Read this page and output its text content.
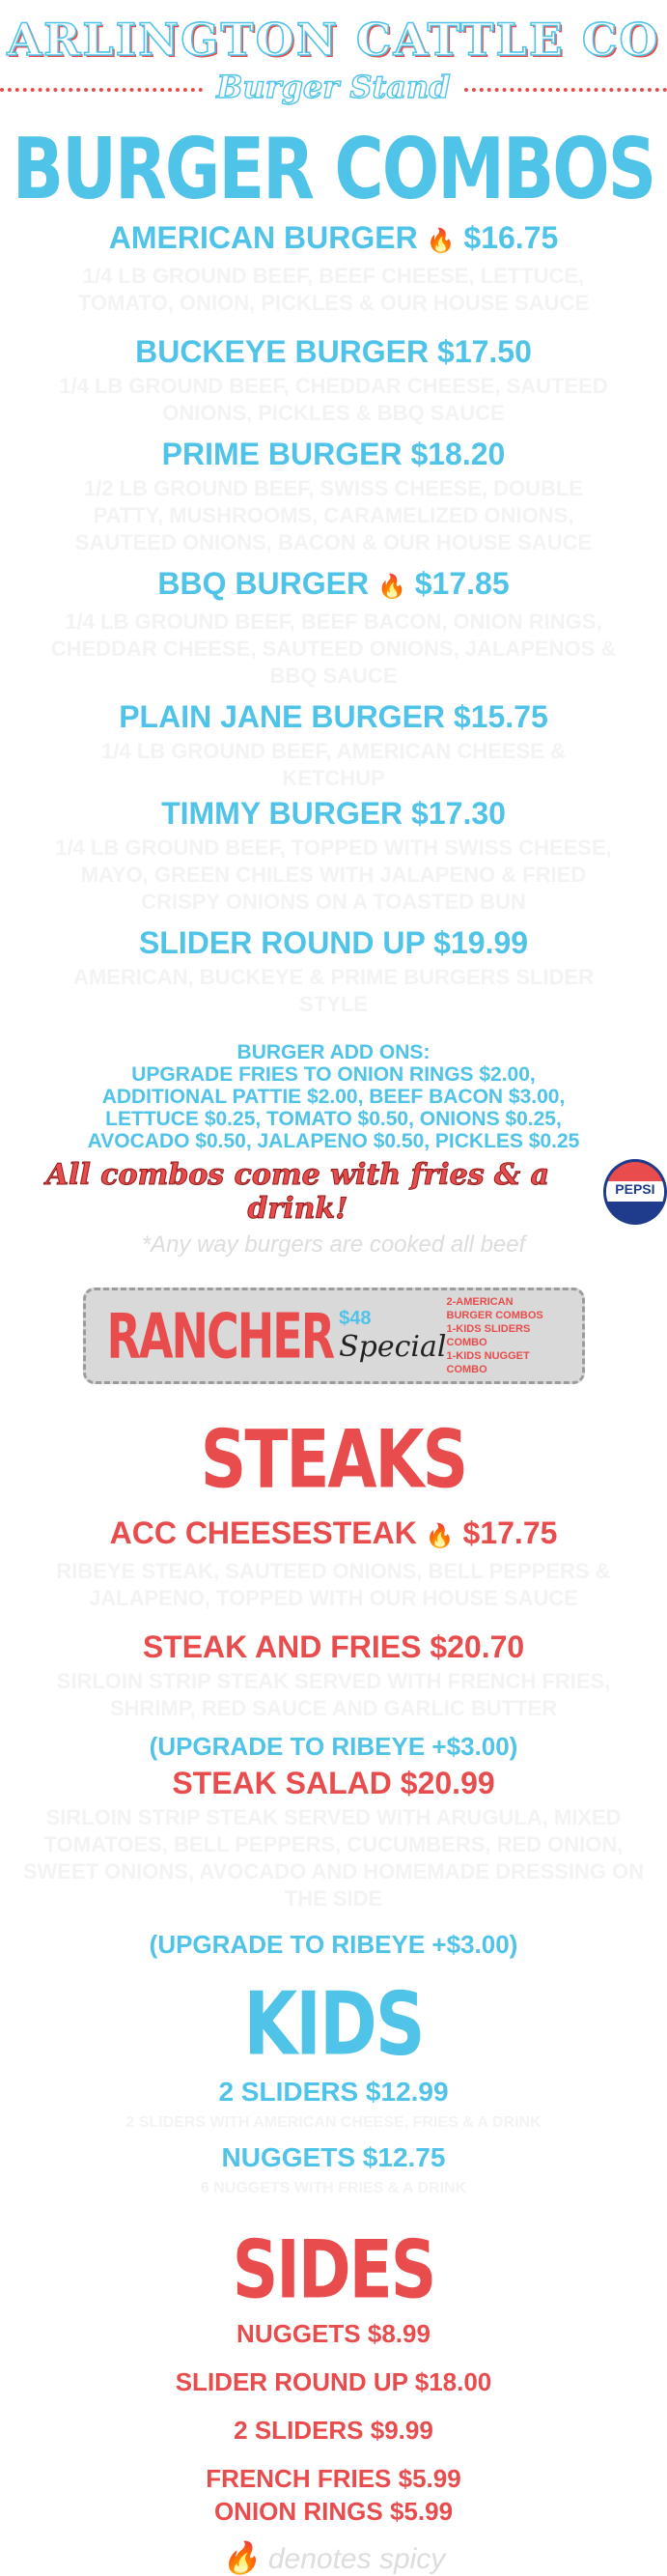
ARLINGTON CATTLE CO
Burger Stand
BURGER COMBOS
AMERICAN BURGER 🔥 $16.75
1/4 LB GROUND BEEF, BEEF CHEESE, LETTUCE, TOMATO, ONION, PICKLES & OUR HOUSE SAUCE
BUCKEYE BURGER $17.50
1/4 LB GROUND BEEF, CHEDDAR CHEESE, SAUTEED ONIONS, PICKLES & BBQ SAUCE
PRIME BURGER $18.20
1/2 LB GROUND BEEF, SWISS CHEESE, DOUBLE PATTY, MUSHROOMS, CARAMELIZED ONIONS, SAUTEED ONIONS, BACON & OUR HOUSE SAUCE
BBQ BURGER 🔥 $17.85
1/4 LB GROUND BEEF, BEEF BACON, ONION RINGS, CHEDDAR CHEESE, SAUTEED ONIONS, JALAPENOS & BBQ SAUCE
PLAIN JANE BURGER $15.75
1/4 LB GROUND BEEF, AMERICAN CHEESE & KETCHUP
TIMMY BURGER $17.30
1/4 LB GROUND BEEF, TOPPED WITH SWISS CHEESE, MAYO, GREEN CHILES WITH JALAPENO & FRIED CRISPY ONIONS ON A TOASTED BUN
SLIDER ROUND UP $19.99
AMERICAN, BUCKEYE & PRIME BURGERS SLIDER STYLE
BURGER ADD ONS:
UPGRADE FRIES TO ONION RINGS $2.00, ADDITIONAL PATTIE $2.00, BEEF BACON $3.00, LETTUCE $0.25, TOMATO $0.50, ONIONS $0.25, AVOCADO $0.50, JALAPENO $0.50, PICKLES $0.25
All combos come with fries & a drink!
PEPSI
*Any way burgers are cooked all beef
RANCHER $48
Special
2-AMERICAN BURGER COMBOS
1-KIDS SLIDERS COMBO
1-KIDS NUGGET COMBO
STEAKS
ACC CHEESESTEAK 🔥 $17.75
RIBEYE STEAK, SAUTEED ONIONS, BELL PEPPERS & JALAPENO, TOPPED WITH OUR HOUSE SAUCE
STEAK AND FRIES $20.70
SIRLOIN STRIP STEAK SERVED WITH FRENCH FRIES, SHRIMP, RED SAUCE AND GARLIC BUTTER
(UPGRADE TO RIBEYE +$3.00)
STEAK SALAD $20.99
SIRLOIN STRIP STEAK SERVED WITH ARUGULA, MIXED TOMATOES, BELL PEPPERS, CUCUMBERS, RED ONION, SWEET ONIONS, AVOCADO AND HOMEMADE DRESSING ON THE SIDE
(UPGRADE TO RIBEYE +$3.00)
KIDS
2 SLIDERS $12.99
2 SLIDERS WITH AMERICAN CHEESE, FRIES & A DRINK
NUGGETS $12.75
6 NUGGETS WITH FRIES & A DRINK
SIDES
NUGGETS $8.99
SLIDER ROUND UP $18.00
2 SLIDERS $9.99
FRENCH FRIES $5.99
ONION RINGS $5.99
🔥 denotes spicy
